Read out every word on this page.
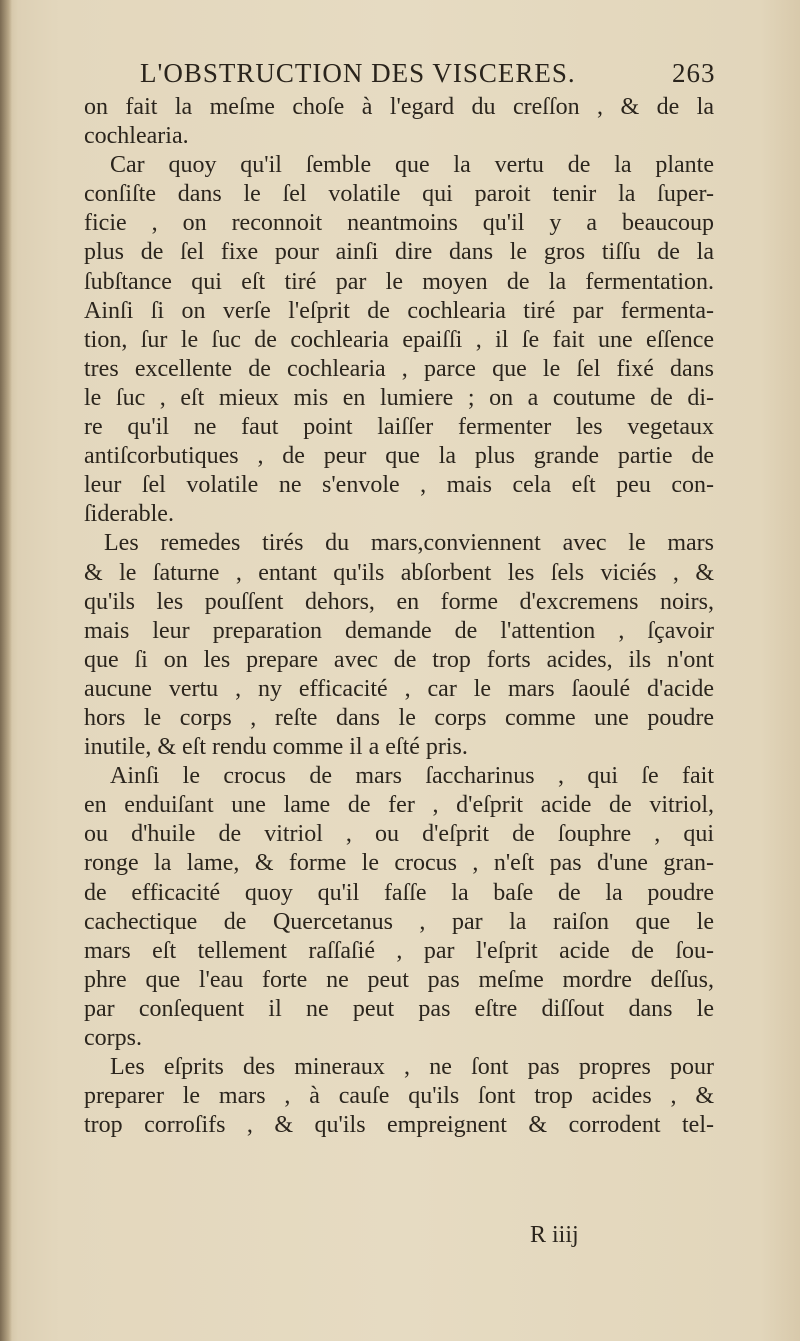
L'OBSTRUCTION DES VISCERES.	263
on fait la meſme choſe à l'egard du creſſon , & de la
cochlearia.
Car quoy qu'il ſemble que la vertu de la plante
conſiſte dans le ſel volatile qui paroit tenir la ſuper-
ficie , on reconnoit neantmoins qu'il y a beaucoup
plus de ſel fixe pour ainſi dire dans le gros tiſſu de la
ſubſtance qui eſt tiré par le moyen de la fermentation.
Ainſi ſi on verſe l'eſprit de cochlearia tiré par fermenta-
tion, ſur le ſuc de cochlearia epaiſſi , il ſe fait une eſſence
tres excellente de cochlearia , parce que le ſel fixé dans
le ſuc , eſt mieux mis en lumiere ; on a coutume de di-
re qu'il ne faut point laiſſer fermenter les vegetaux
antiſcorbutiques , de peur que la plus grande partie de
leur ſel volatile ne s'envole , mais cela eſt peu con-
ſiderable.
Les remedes tirés du mars,conviennent avec le mars
& le ſaturne , entant qu'ils abſorbent les ſels viciés , &
qu'ils les pouſſent dehors, en forme d'excremens noirs,
mais leur preparation demande de l'attention , ſçavoir
que ſi on les prepare avec de trop forts acides, ils n'ont
aucune vertu , ny efficacité , car le mars ſaoulé d'acide
hors le corps , reſte dans le corps comme une poudre
inutile, & eſt rendu comme il a eſté pris.
Ainſi le crocus de mars ſaccharinus , qui ſe fait
en enduiſant une lame de fer , d'eſprit acide de vitriol,
ou d'huile de vitriol , ou d'eſprit de ſouphre , qui
ronge la lame, & forme le crocus , n'eſt pas d'une gran-
de efficacité quoy qu'il faſſe la baſe de la poudre
cachectique de Quercetanus , par la raiſon que le
mars eſt tellement raſſaſié , par l'eſprit acide de ſou-
phre que l'eau forte ne peut pas meſme mordre deſſus,
par conſequent il ne peut pas eſtre diſſout dans le
corps.
Les eſprits des mineraux , ne ſont pas propres pour
preparer le mars , à cauſe qu'ils ſont trop acides , &
trop corroſifs , & qu'ils empreignent & corrodent tel-
R iiij
